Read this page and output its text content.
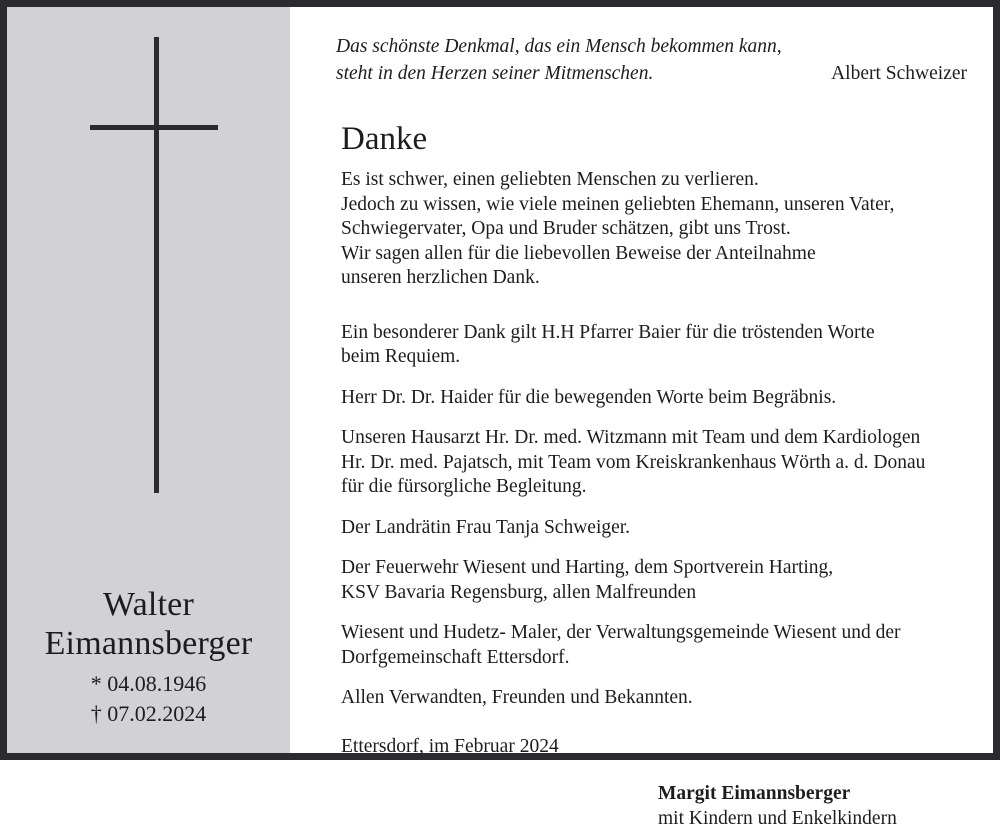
Walter
Eimannsberger
* 04.08.1946
† 07.02.2024
Das schönste Denkmal, das ein Mensch bekommen kann,
steht in den Herzen seiner Mitmenschen.	Albert Schweizer
Danke
Es ist schwer, einen geliebten Menschen zu verlieren.
Jedoch zu wissen, wie viele meinen geliebten Ehemann, unseren Vater,
Schwiegervater, Opa und Bruder schätzen, gibt uns Trost.
Wir sagen allen für die liebevollen Beweise der Anteilnahme
unseren herzlichen Dank.
Ein besonderer Dank gilt H.H Pfarrer Baier für die tröstenden Worte
beim Requiem.
Herr Dr. Dr. Haider für die bewegenden Worte beim Begräbnis.
Unseren Hausarzt Hr. Dr. med. Witzmann mit Team und dem Kardiologen
Hr. Dr. med. Pajatsch, mit Team vom Kreiskrankenhaus Wörth a. d. Donau
für die fürsorgliche Begleitung.
Der Landrätin Frau Tanja Schweiger.
Der Feuerwehr Wiesent und Harting, dem Sportverein Harting,
KSV Bavaria Regensburg, allen Malfreunden
Wiesent und Hudetz- Maler, der Verwaltungsgemeinde Wiesent und der
Dorfgemeinschaft Ettersdorf.
Allen Verwandten, Freunden und Bekannten.
Ettersdorf, im Februar 2024
Margit Eimannsberger
mit Kindern und Enkelkindern
